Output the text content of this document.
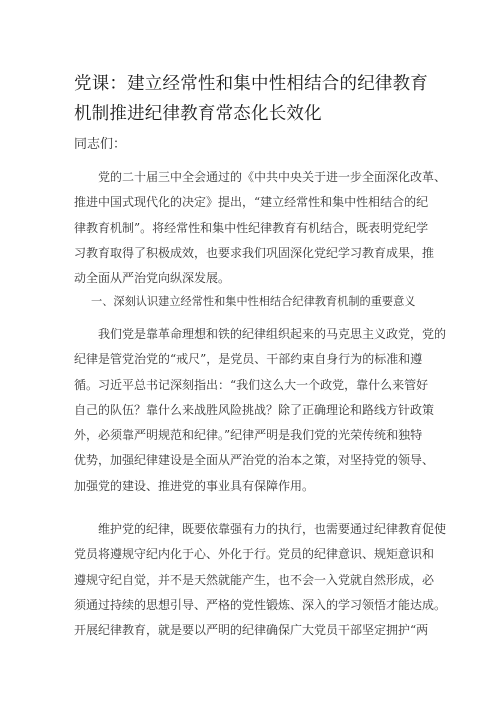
党课：建立经常性和集中性相结合的纪律教育
机制推进纪律教育常态化长效化
同志们：
党的二十届三中全会通过的《中共中央关于进一步全面深化改革、
推进中国式现代化的决定》提出，“建立经常性和集中性相结合的纪
律教育机制”。将经常性和集中性纪律教育有机结合，既表明党纪学
习教育取得了积极成效，也要求我们巩固深化党纪学习教育成果，推
动全面从严治党向纵深发展。
一、深刻认识建立经常性和集中性相结合纪律教育机制的重要意义
我们党是靠革命理想和铁的纪律组织起来的马克思主义政党，党的
纪律是管党治党的“戒尺”，是党员、干部约束自身行为的标准和遵
循。习近平总书记深刻指出：“我们这么大一个政党，靠什么来管好
自己的队伍？靠什么来战胜风险挑战？除了正确理论和路线方针政策
外，必须靠严明规范和纪律。”纪律严明是我们党的光荣传统和独特
优势，加强纪律建设是全面从严治党的治本之策，对坚持党的领导、
加强党的建设、推进党的事业具有保障作用。
维护党的纪律，既要依靠强有力的执行，也需要通过纪律教育促使
党员将遵规守纪内化于心、外化于行。党员的纪律意识、规矩意识和
遵规守纪自觉，并不是天然就能产生，也不会一入党就自然形成，必
须通过持续的思想引导、严格的党性锻炼、深入的学习领悟才能达成。
开展纪律教育，就是要以严明的纪律确保广大党员干部坚定拥护“两
